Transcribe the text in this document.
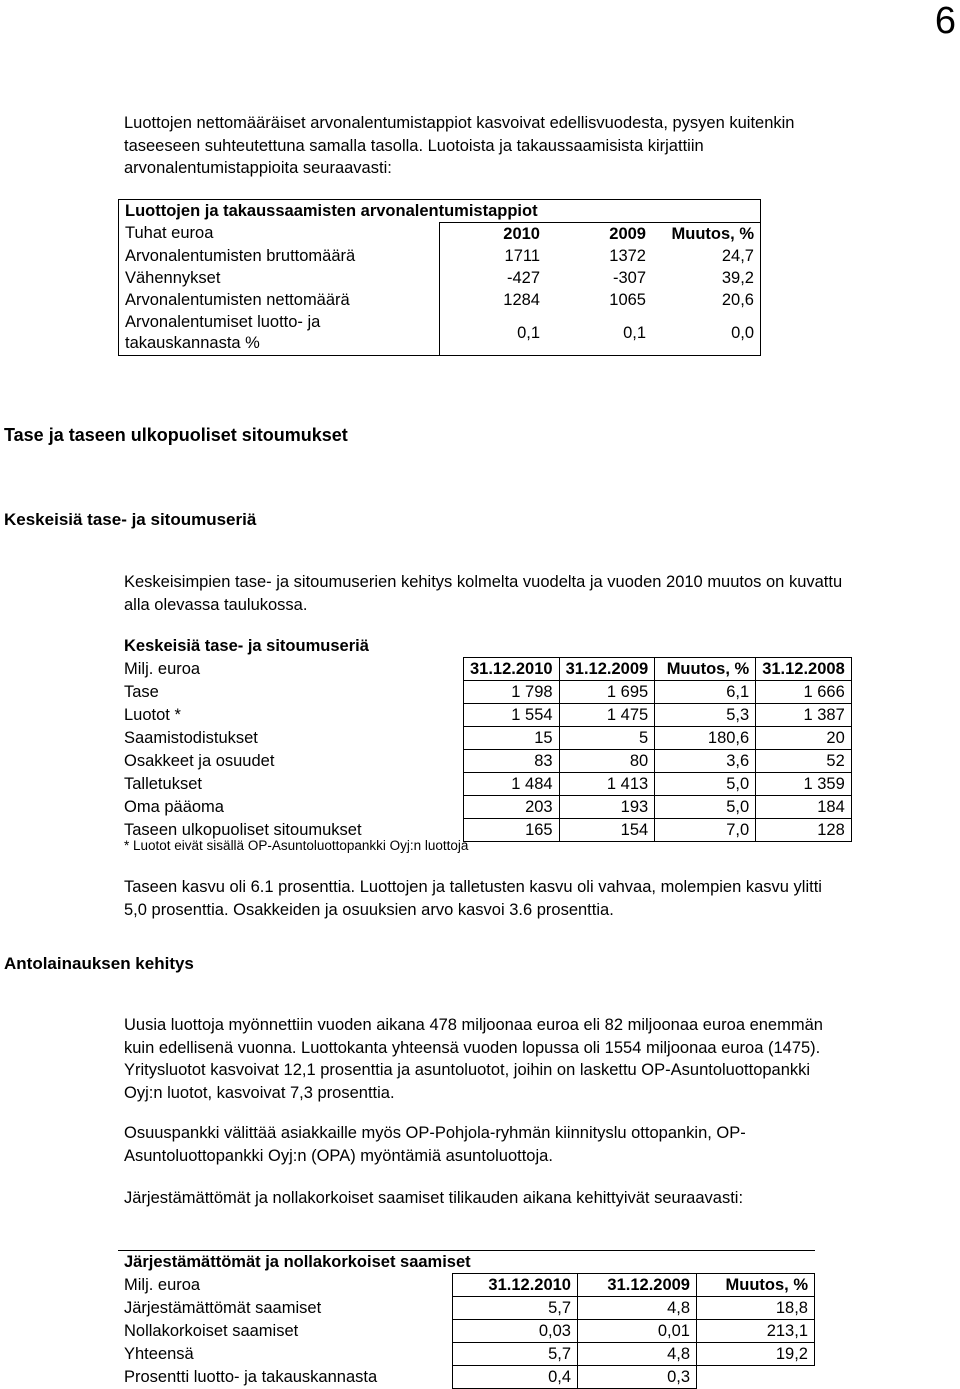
6
Luottojen nettomääräiset arvonalentumistappiot kasvoivat edellisvuodesta, pysyen kuitenkin
taseeseen suhteutettuna samalla tasolla. Luotoista ja takaussaamisista kirjattiin
arvonalentumistappioita seuraavasti:
Luottojen ja takaussaamisten arvonalentumistappiot			
Tuhat euroa	2010	2009	Muutos, %
Arvonalentumisten bruttomäärä	1711	1372	24,7
Vähennykset	-427	-307	39,2
Arvonalentumisten nettomäärä	1284	1065	20,6

Arvonalentumiset luotto- ja
takauskannasta %	0,1	0,1	0,0
Tase ja taseen ulkopuoliset sitoumukset
Keskeisiä tase- ja sitoumuseriä
Keskeisimpien tase- ja sitoumuserien kehitys kolmelta vuodelta ja vuoden 2010 muutos on kuvattu
alla olevassa taulukossa.
Keskeisiä tase- ja sitoumuseriä				
Milj. euroa	31.12.2010	31.12.2009	Muutos, %	31.12.2008
Tase	1 798	1 695	6,1	1 666
Luotot *	1 554	1 475	5,3	1 387
Saamistodistukset	15	5	180,6	20
Osakkeet ja osuudet	83	80	3,6	52
Talletukset	1 484	1 413	5,0	1 359
Oma pääoma	203	193	5,0	184
Taseen ulkopuoliset sitoumukset	165	154	7,0	128
* Luotot eivät sisällä OP-Asuntoluottopankki Oyj:n luottoja
Taseen kasvu oli 6.1 prosenttia. Luottojen ja talletusten kasvu oli vahvaa, molempien kasvu ylitti
5,0 prosenttia. Osakkeiden ja osuuksien arvo kasvoi 3.6 prosenttia.
Antolainauksen kehitys
Uusia luottoja myönnettiin vuoden aikana 478 miljoonaa euroa eli 82 miljoonaa euroa enemmän
kuin edellisenä vuonna. Luottokanta yhteensä vuoden lopussa oli 1554 miljoonaa euroa (1475).
Yritysluotot kasvoivat 12,1 prosenttia ja asuntoluotot, joihin on laskettu OP-Asuntoluottopankki
Oyj:n luotot, kasvoivat 7,3 prosenttia.
Osuuspankki välittää asiakkaille myös OP-Pohjola-ryhmän kiinnityslu ottopankin, OP-
Asuntoluottopankki Oyj:n (OPA) myöntämiä asuntoluottoja.
Järjestämättömät ja nollakorkoiset saamiset tilikauden aikana kehittyivät seuraavasti:
Järjestämättömät ja nollakorkoiset saamiset			
Milj. euroa	31.12.2010	31.12.2009	Muutos, %
Järjestämättömät saamiset	5,7	4,8	18,8
Nollakorkoiset saamiset	0,03	0,01	213,1
Yhteensä	5,7	4,8	19,2
Prosentti luotto- ja takauskannasta	0,4	0,3	
